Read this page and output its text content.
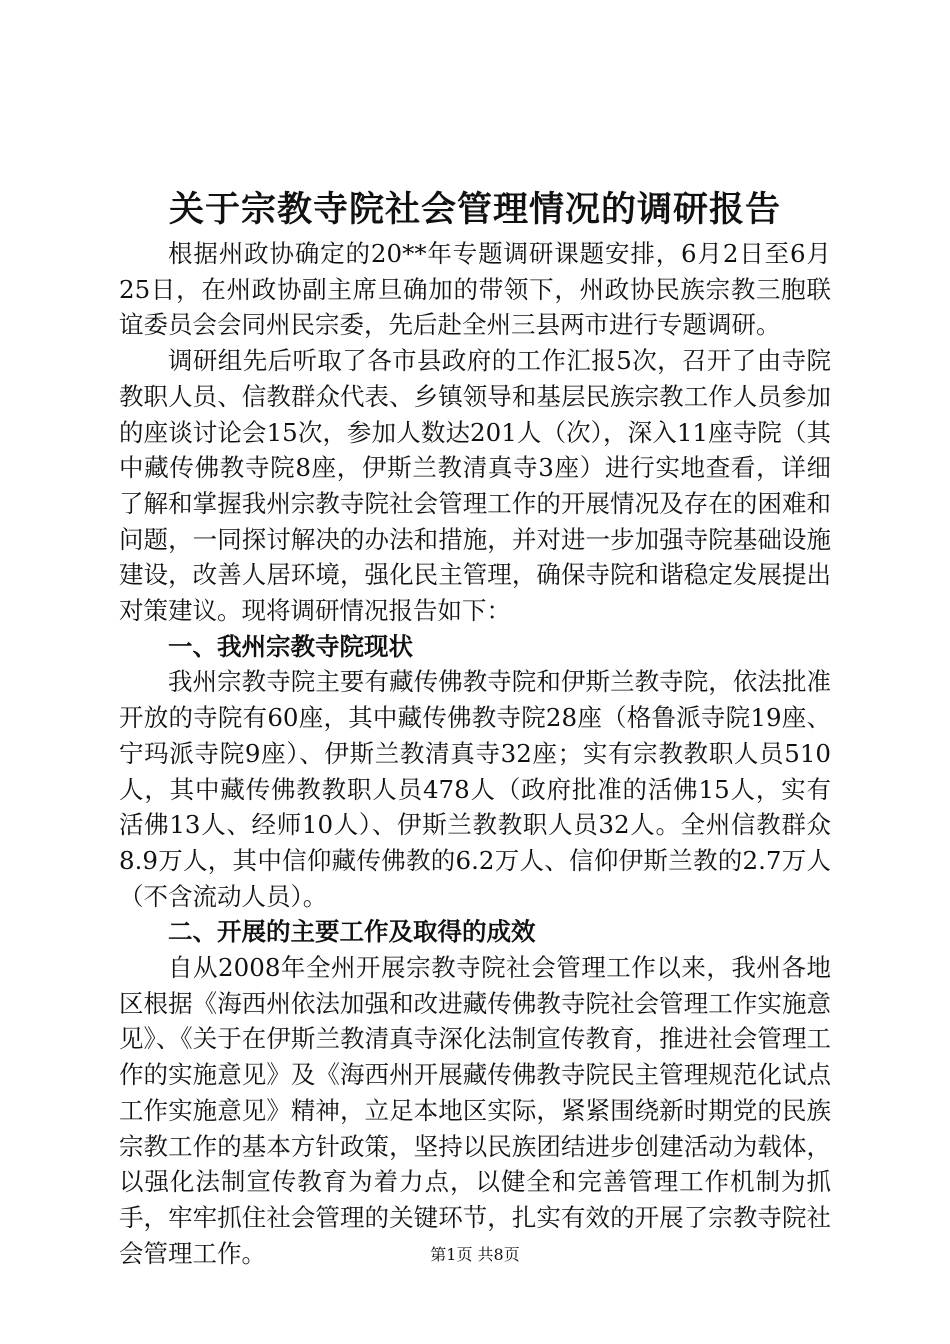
关于宗教寺院社会管理情况的调研报告

根据州政协确定的20**年专题调研课题安排，6月2日至6月25日，在州政协副主席旦确加的带领下，州政协民族宗教三胞联谊委员会会同州民宗委，先后赴全州三县两市进行专题调研。

调研组先后听取了各市县政府的工作汇报5次，召开了由寺院教职人员、信教群众代表、乡镇领导和基层民族宗教工作人员参加的座谈讨论会15次，参加人数达201人（次），深入11座寺院（其中藏传佛教寺院8座，伊斯兰教清真寺3座）进行实地查看，详细了解和掌握我州宗教寺院社会管理工作的开展情况及存在的困难和问题，一同探讨解决的办法和措施，并对进一步加强寺院基础设施建设，改善人居环境，强化民主管理，确保寺院和谐稳定发展提出对策建议。现将调研情况报告如下：

一、我州宗教寺院现状

我州宗教寺院主要有藏传佛教寺院和伊斯兰教寺院，依法批准开放的寺院有60座，其中藏传佛教寺院28座（格鲁派寺院19座、宁玛派寺院9座）、伊斯兰教清真寺32座；实有宗教教职人员510人，其中藏传佛教教职人员478人（政府批准的活佛15人，实有活佛13人、经师10人）、伊斯兰教教职人员32人。全州信教群众8.9万人，其中信仰藏传佛教的6.2万人、信仰伊斯兰教的2.7万人（不含流动人员）。

二、开展的主要工作及取得的成效

自从2008年全州开展宗教寺院社会管理工作以来，我州各地区根据《海西州依法加强和改进藏传佛教寺院社会管理工作实施意见》、《关于在伊斯兰教清真寺深化法制宣传教育，推进社会管理工作的实施意见》及《海西州开展藏传佛教寺院民主管理规范化试点工作实施意见》精神，立足本地区实际，紧紧围绕新时期党的民族宗教工作的基本方针政策，坚持以民族团结进步创建活动为载体，以强化法制宣传教育为着力点，以健全和完善管理工作机制为抓手，牢牢抓住社会管理的关键环节，扎实有效的开展了宗教寺院社会管理工作。	第1页 共8页
